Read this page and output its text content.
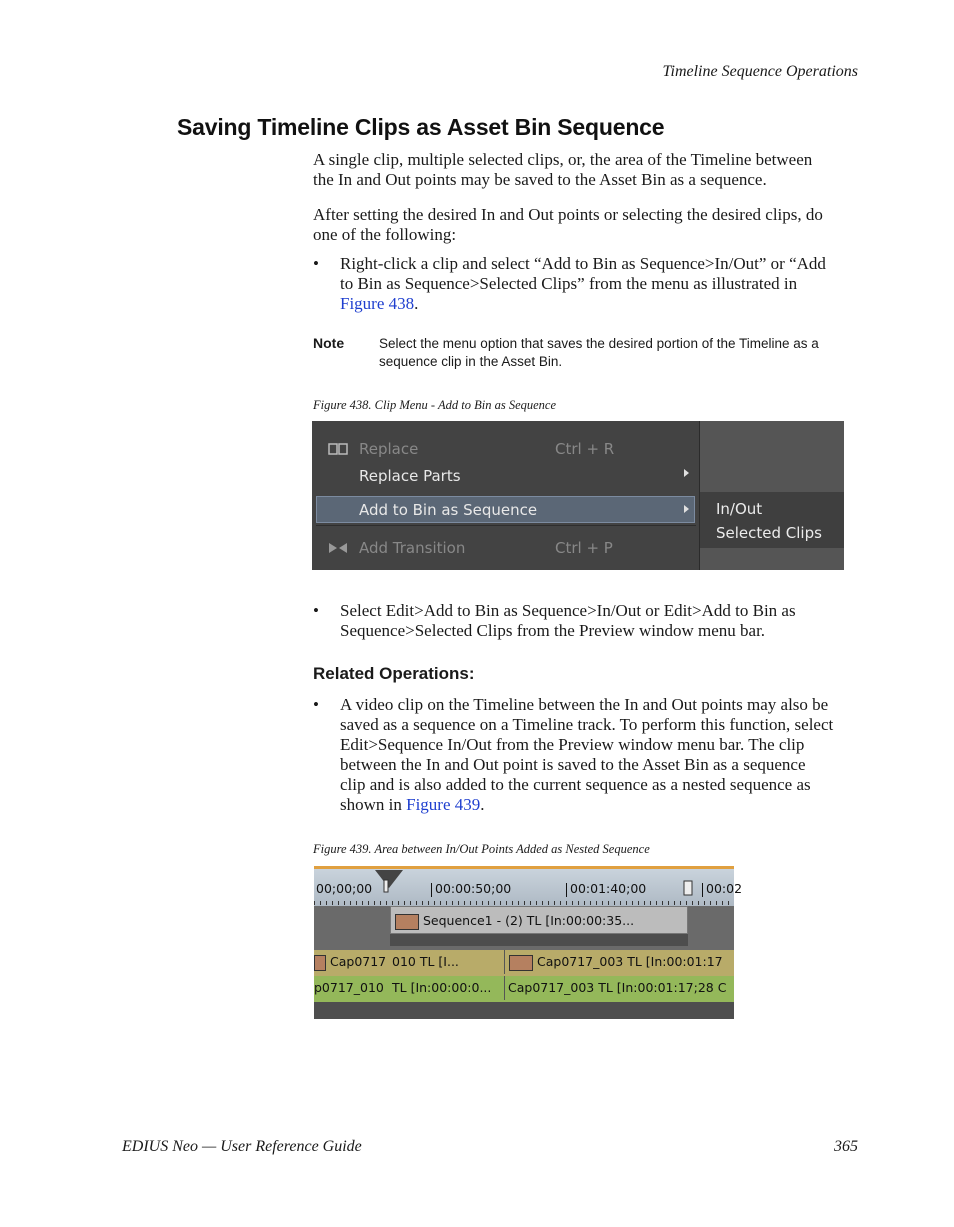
Timeline Sequence Operations
Saving Timeline Clips as Asset Bin Sequence
A single clip, multiple selected clips, or, the area of the Timeline between
the In and Out points may be saved to the Asset Bin as a sequence.
After setting the desired In and Out points or selecting the desired clips, do
one of the following:
• Right-click a clip and select “Add to Bin as Sequence>In/Out” or “Add
to Bin as Sequence>Selected Clips” from the menu as illustrated in
Figure 438.
Note	Select the menu option that saves the desired portion of the Timeline as a
sequence clip in the Asset Bin.
Figure 438. Clip Menu - Add to Bin as Sequence
Replace	Ctrl + R
Replace Parts
Add to Bin as Sequence
Add Transition	Ctrl + P
In/Out
Selected Clips
• Select Edit>Add to Bin as Sequence>In/Out or Edit>Add to Bin as
Sequence>Selected Clips from the Preview window menu bar.
Related Operations:
• A video clip on the Timeline between the In and Out points may also be
saved as a sequence on a Timeline track. To perform this function, select
Edit>Sequence In/Out from the Preview window menu bar. The clip
between the In and Out point is saved to the Asset Bin as a sequence
clip and is also added to the current sequence as a nested sequence as
shown in Figure 439.
Figure 439. Area between In/Out Points Added as Nested Sequence
00;00;00	00:00:50;00	00:01:40;00	00:02
Sequence1 - (2) TL [In:00:00:35...
Cap0717 010 TL [I...	Cap0717_003 TL [In:00:01:17
p0717_010 TL [In:00:00:0... Cap0717_003 TL [In:00:01:17;28 C
EDIUS Neo — User Reference Guide	365
